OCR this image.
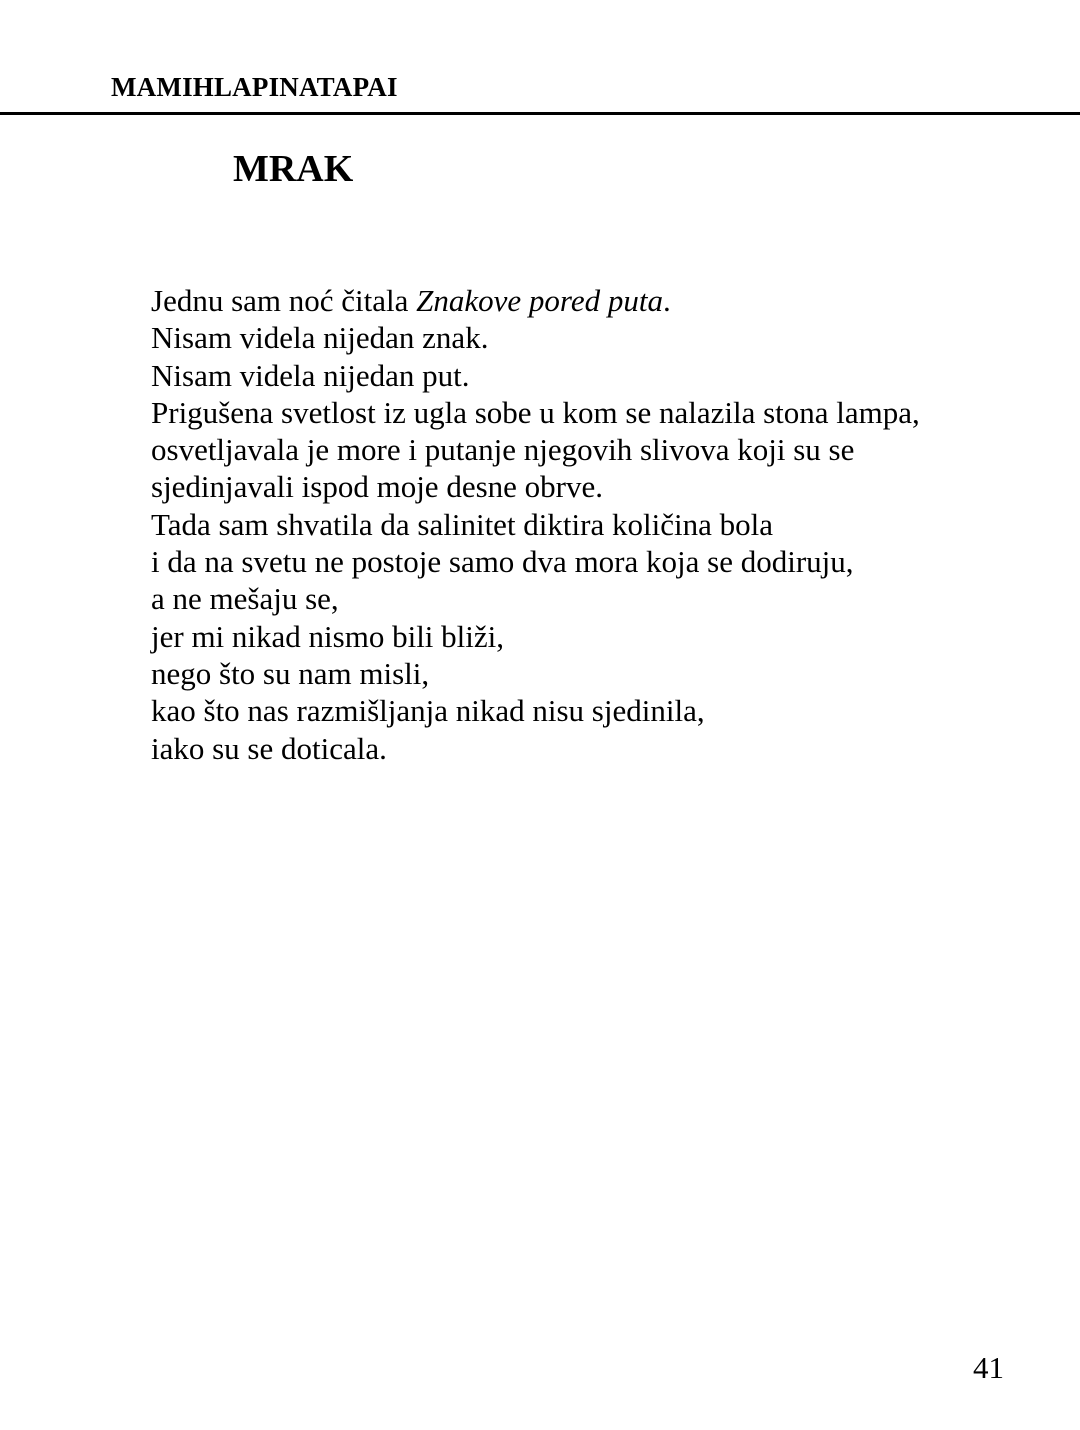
MAMIHLAPINATAPAI
MRAK
Jednu sam noć čitala Znakove pored puta.
Nisam videla nijedan znak.
Nisam videla nijedan put.
Prigušena svetlost iz ugla sobe u kom se nalazila stona lampa,
osvetljavala je more i putanje njegovih slivova koji su se
sjedinjavali ispod moje desne obrve.
Tada sam shvatila da salinitet diktira količina bola
i da na svetu ne postoje samo dva mora koja se dodiruju,
a ne mešaju se,
jer mi nikad nismo bili bliži,
nego što su nam misli,
kao što nas razmišljanja nikad nisu sjedinila,
iako su se doticala.
41
